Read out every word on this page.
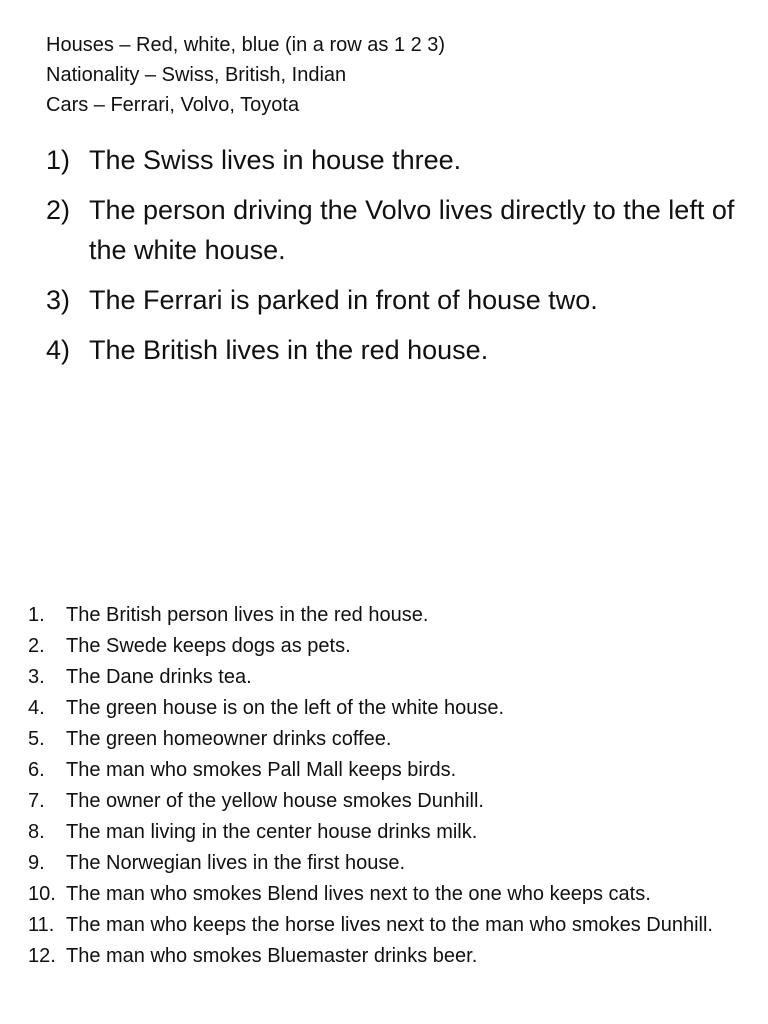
Houses – Red, white, blue (in a row as 1 2 3)
Nationality – Swiss, British, Indian
Cars – Ferrari, Volvo, Toyota
1) The Swiss lives in house three.
2) The person driving the Volvo lives directly to the left of the white house.
3) The Ferrari is parked in front of house two.
4) The British lives in the red house.
1.	The British person lives in the red house.
2.	The Swede keeps dogs as pets.
3.	The Dane drinks tea.
4.	The green house is on the left of the white house.
5.	The green homeowner drinks coffee.
6.	The man who smokes Pall Mall keeps birds.
7.	The owner of the yellow house smokes Dunhill.
8.	The man living in the center house drinks milk.
9.	The Norwegian lives in the first house.
10. The man who smokes Blend lives next to the one who keeps cats.
11. The man who keeps the horse lives next to the man who smokes Dunhill.
12. The man who smokes Bluemaster drinks beer.
